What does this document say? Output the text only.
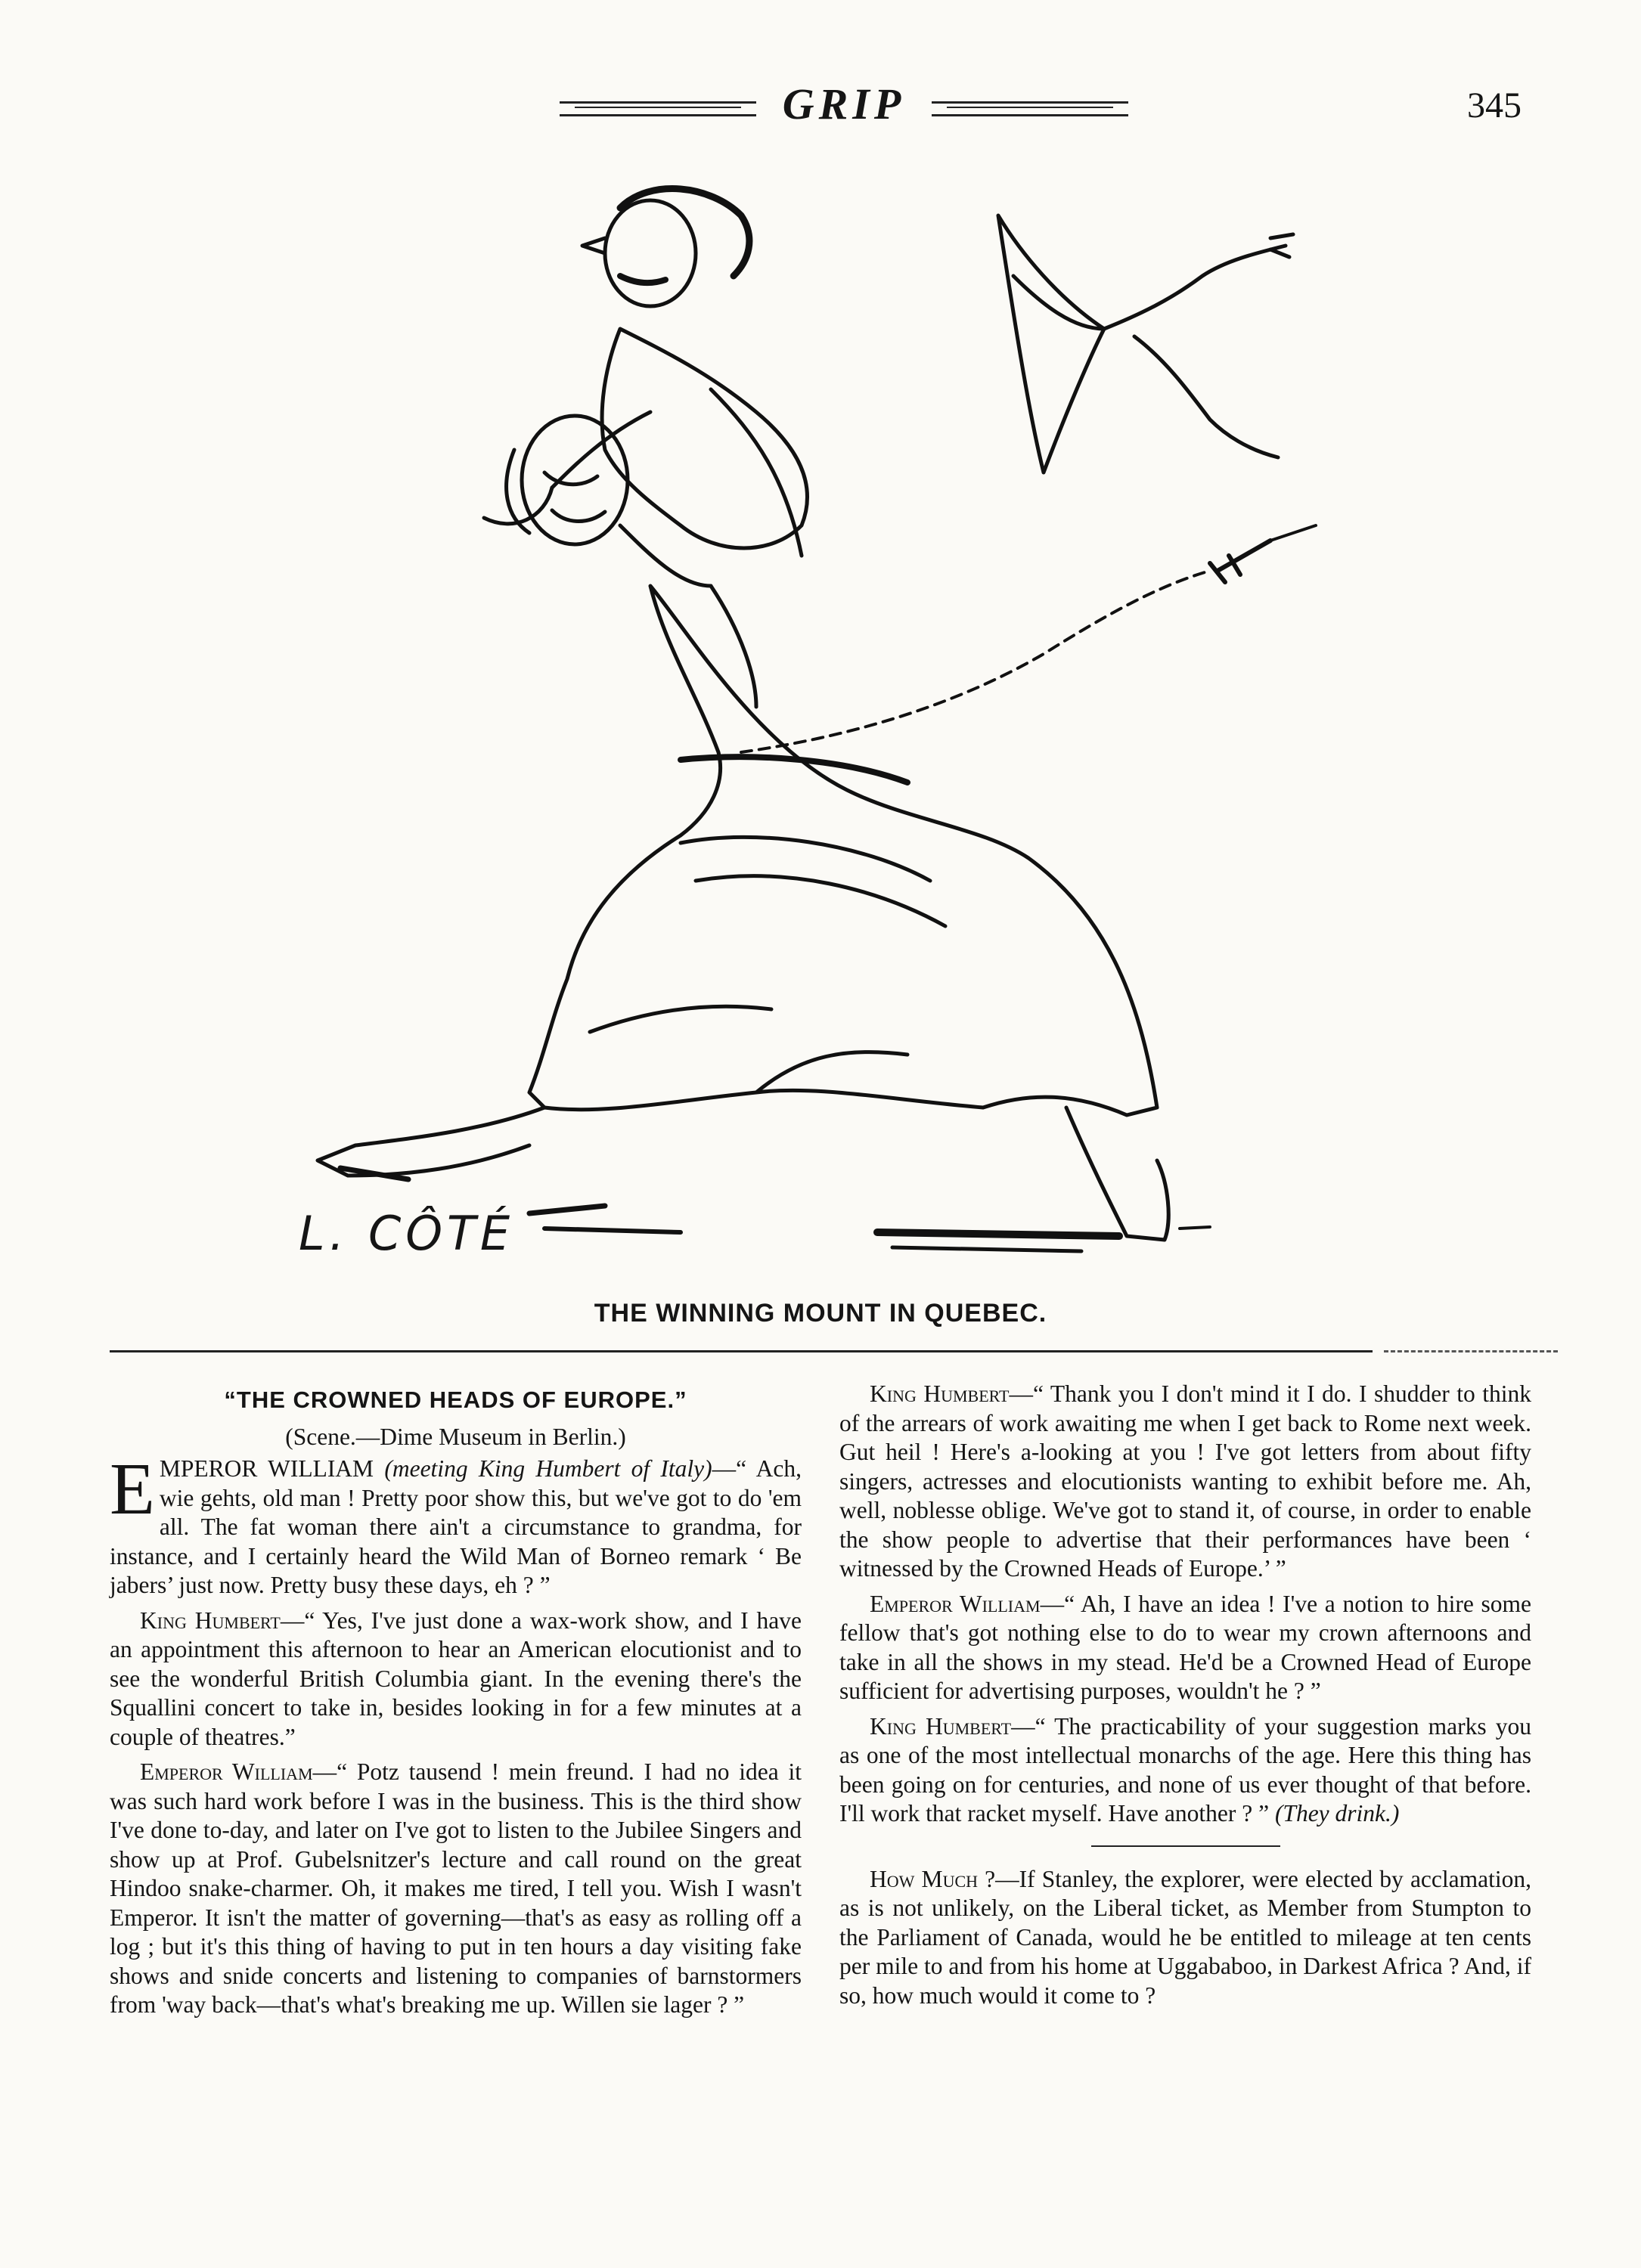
GRIP	345
L. CÔTÉ
THE WINNING MOUNT IN QUEBEC.
“THE CROWNED HEADS OF EUROPE.”
(Scene.—Dime Museum in Berlin.)

EMPEROR WILLIAM (meeting King Humbert of Italy)—“ Ach, wie gehts, old man ! Pretty poor show this, but we've got to do 'em all. The fat woman there ain't a circumstance to grandma, for instance, and I certainly heard the Wild Man of Borneo remark ‘ Be jabers’ just now. Pretty busy these days, eh ? ”

King Humbert—“ Yes, I've just done a wax-work show, and I have an appointment this afternoon to hear an American elocutionist and to see the wonderful British Columbia giant. In the evening there's the Squallini concert to take in, besides looking in for a few minutes at a couple of theatres.”

Emperor William—“ Potz tausend ! mein freund. I had no idea it was such hard work before I was in the business. This is the third show I've done to-day, and later on I've got to listen to the Jubilee Singers and show up at Prof. Gubelsnitzer's lecture and call round on the great Hindoo snake-charmer. Oh, it makes me tired, I tell you. Wish I wasn't Emperor. It isn't the matter of governing—that's as easy as rolling off a log ; but it's this thing of having to put in ten hours a day visiting fake shows and snide concerts and listening to companies of barnstormers from 'way back—that's what's breaking me up. Willen sie lager ? ”

King Humbert—“ Thank you I don't mind it I do. I shudder to think of the arrears of work awaiting me when I get back to Rome next week. Gut heil ! Here's a-looking at you ! I've got letters from about fifty singers, actresses and elocutionists wanting to exhibit before me. Ah, well, noblesse oblige. We've got to stand it, of course, in order to enable the show people to advertise that their performances have been ‘ witnessed by the Crowned Heads of Europe.’ ”

Emperor William—“ Ah, I have an idea ! I've a notion to hire some fellow that's got nothing else to do to wear my crown afternoons and take in all the shows in my stead. He'd be a Crowned Head of Europe sufficient for advertising purposes, wouldn't he ? ”

King Humbert—“ The practicability of your suggestion marks you as one of the most intellectual monarchs of the age. Here this thing has been going on for centuries, and none of us ever thought of that before. I'll work that racket myself. Have another ? ” (They drink.)

How Much ?—If Stanley, the explorer, were elected by acclamation, as is not unlikely, on the Liberal ticket, as Member from Stumpton to the Parliament of Canada, would he be entitled to mileage at ten cents per mile to and from his home at Uggababoo, in Darkest Africa ? And, if so, how much would it come to ?
